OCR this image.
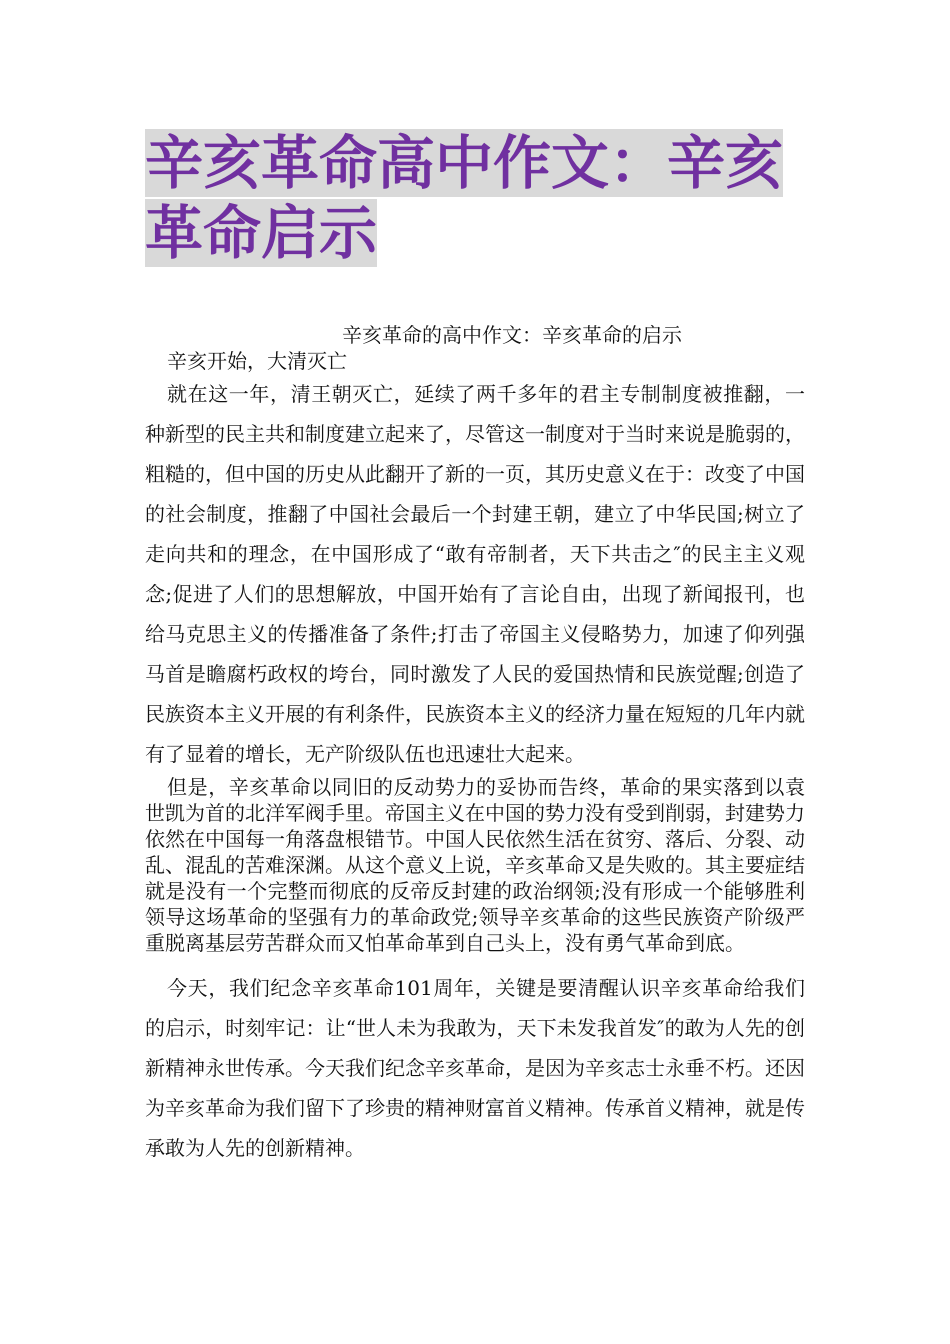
辛亥革命高中作文：辛亥革命启示

辛亥革命的高中作文：辛亥革命的启示

辛亥开始，大清灭亡

就在这一年，清王朝灭亡，延续了两千多年的君主专制制度被推翻，一种新型的民主共和制度建立起来了，尽管这一制度对于当时来说是脆弱的，粗糙的，但中国的历史从此翻开了新的一页，其历史意义在于：改变了中国的社会制度，推翻了中国社会最后一个封建王朝，建立了中华民国;树立了走向共和的理念，在中国形成了“敢有帝制者，天下共击之″的民主主义观念;促进了人们的思想解放，中国开始有了言论自由，出现了新闻报刊，也给马克思主义的传播准备了条件;打击了帝国主义侵略势力，加速了仰列强马首是瞻腐朽政权的垮台，同时激发了人民的爱国热情和民族觉醒;创造了民族资本主义开展的有利条件，民族资本主义的经济力量在短短的几年内就有了显着的增长，无产阶级队伍也迅速壮大起来。

但是，辛亥革命以同旧的反动势力的妥协而告终，革命的果实落到以袁世凯为首的北洋军阀手里。帝国主义在中国的势力没有受到削弱，封建势力依然在中国每一角落盘根错节。中国人民依然生活在贫穷、落后、分裂、动乱、混乱的苦难深渊。从这个意义上说，辛亥革命又是失败的。其主要症结就是没有一个完整而彻底的反帝反封建的政治纲领;没有形成一个能够胜利领导这场革命的坚强有力的革命政党;领导辛亥革命的这些民族资产阶级严重脱离基层劳苦群众而又怕革命革到自己头上，没有勇气革命到底。

今天，我们纪念辛亥革命101周年，关键是要清醒认识辛亥革命给我们的启示，时刻牢记：让“世人未为我敢为，天下未发我首发″的敢为人先的创新精神永世传承。今天我们纪念辛亥革命，是因为辛亥志士永垂不朽。还因为辛亥革命为我们留下了珍贵的精神财富首义精神。传承首义精神，就是传承敢为人先的创新精神。
